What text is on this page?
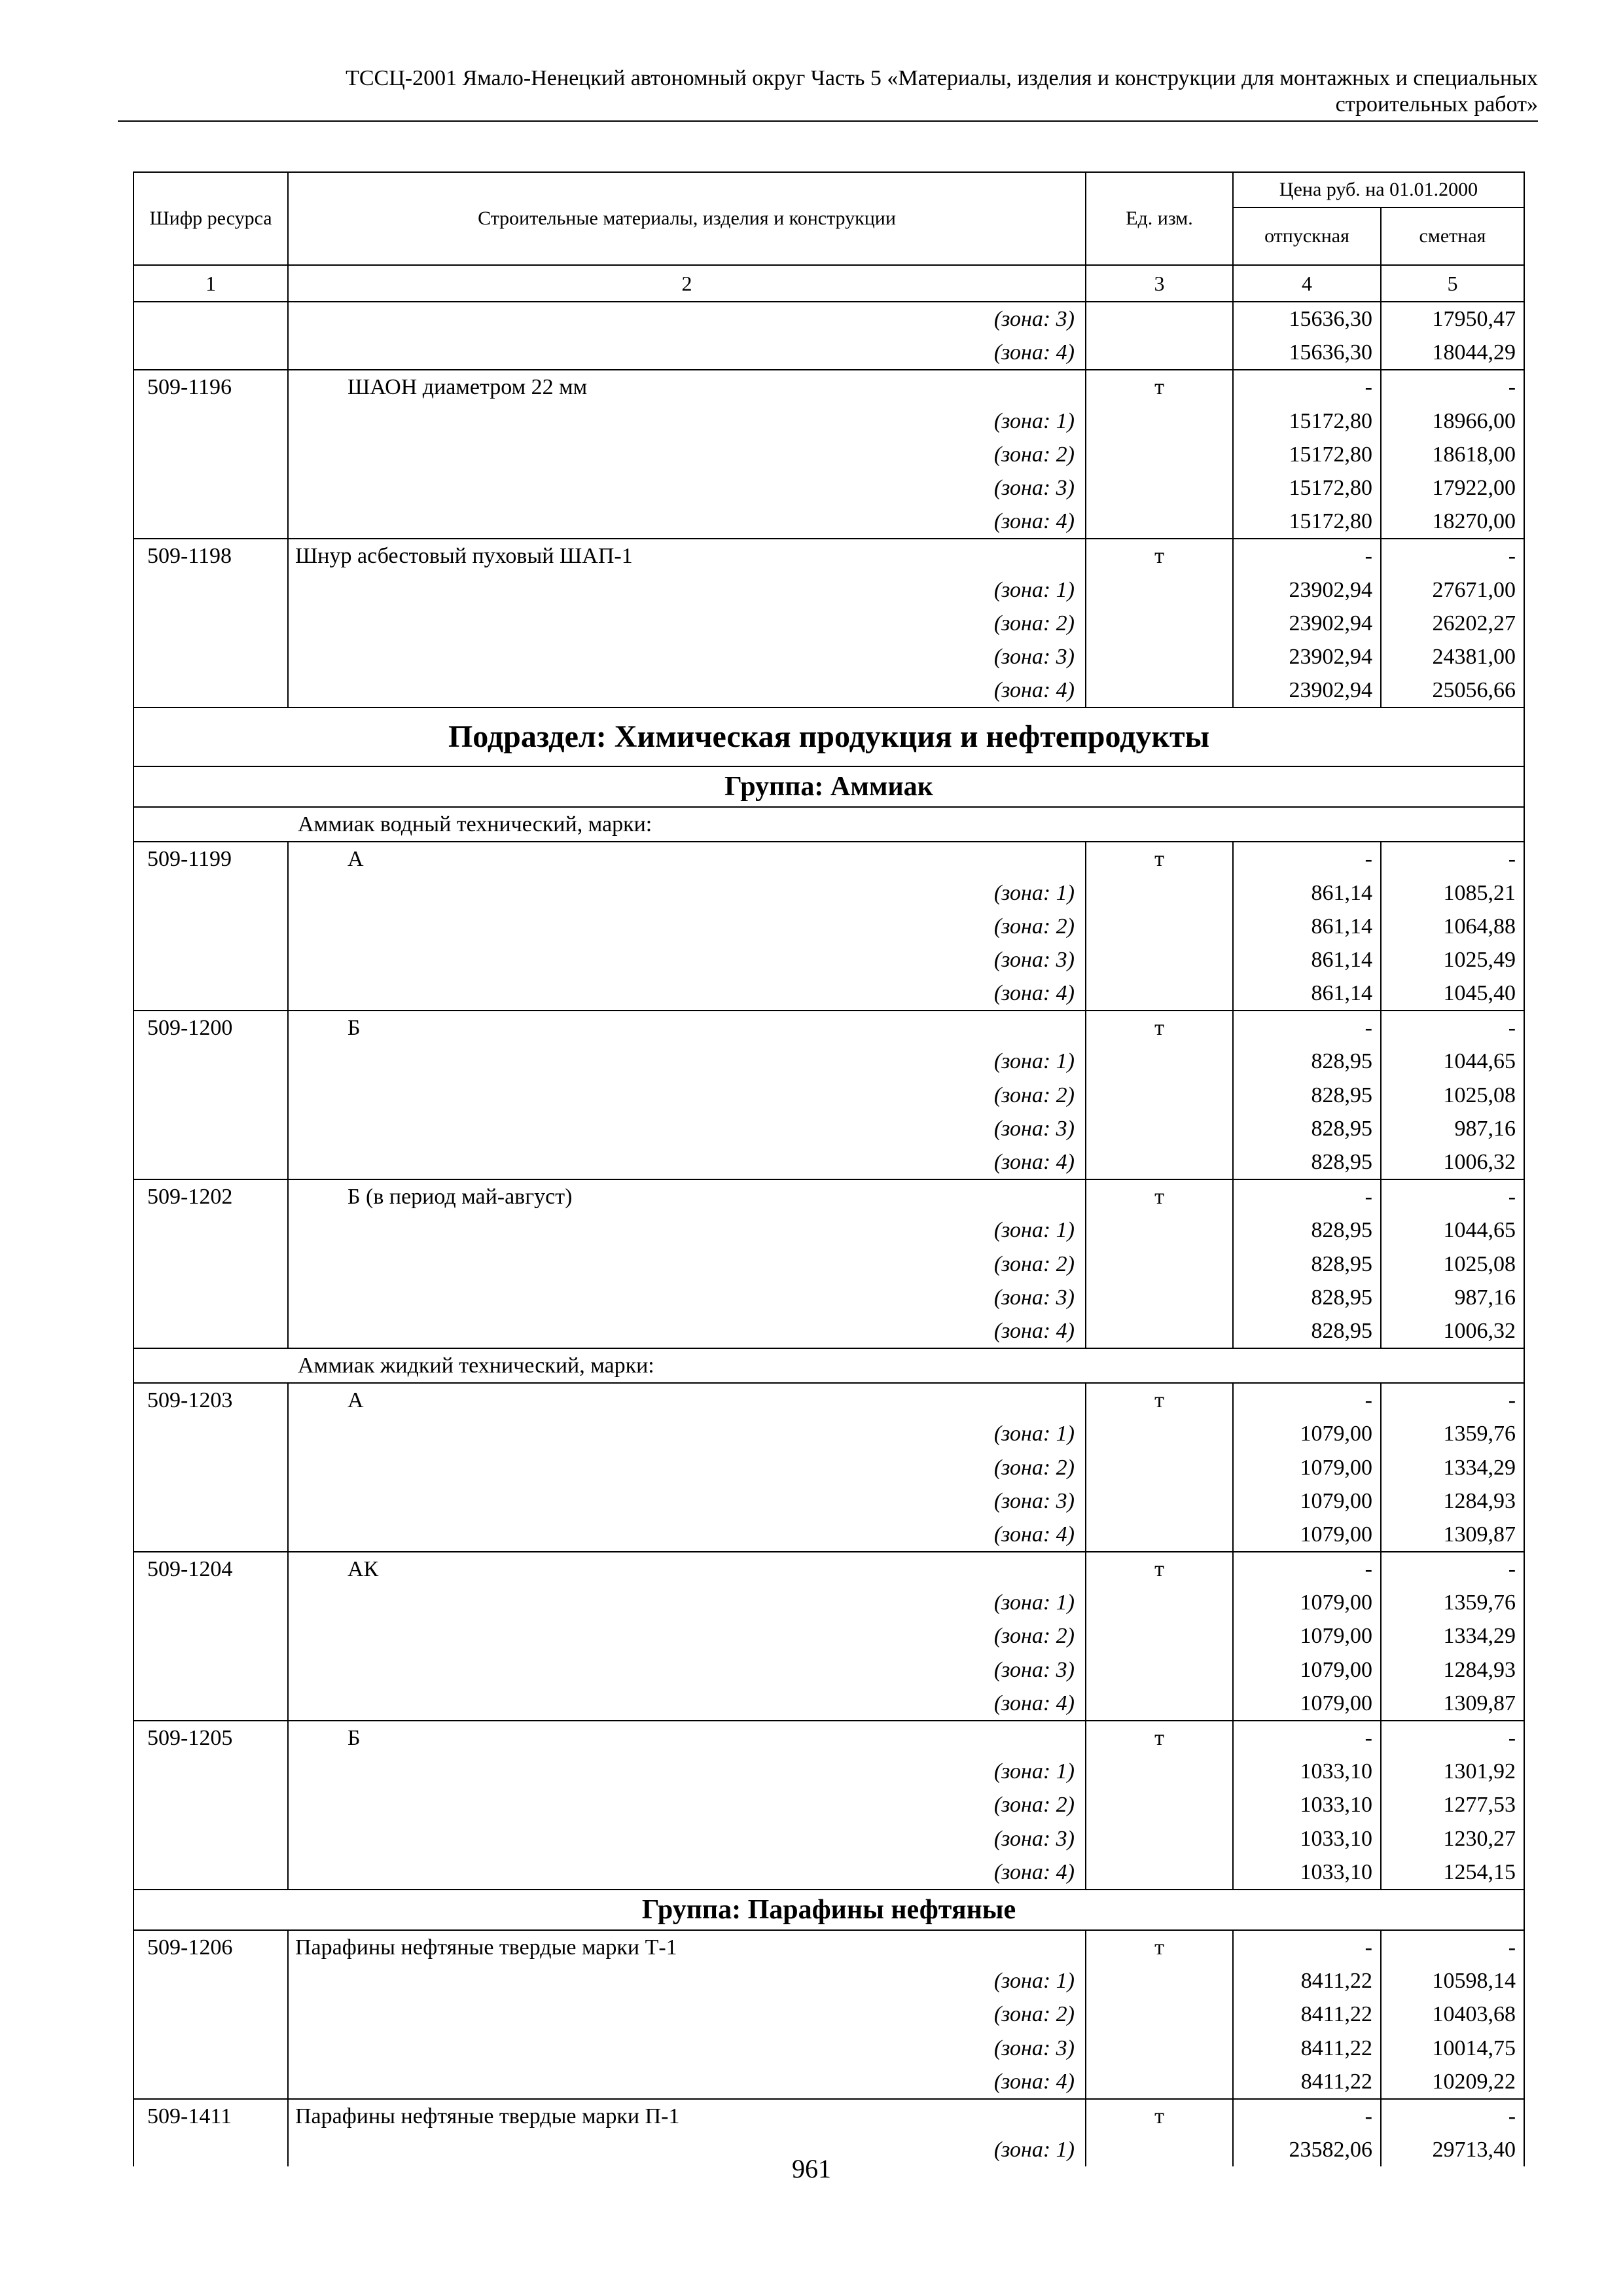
ТССЦ-2001 Ямало-Ненецкий автономный округ Часть 5 «Материалы, изделия и конструкции для монтажных и специальных
строительных работ»
Шифр ресурса	Строительные материалы, изделия и конструкции	Ед. изм.	Цена руб. на 01.01.2000	
			отпускная	сметная
1	2	3	4	5
	(зона: 3)		15636,30	17950,47
	(зона: 4)		15636,30	18044,29
509-1196	ШАОН диаметром 22 мм	т	-	-
	(зона: 1)		15172,80	18966,00
	(зона: 2)		15172,80	18618,00
	(зона: 3)		15172,80	17922,00
	(зона: 4)		15172,80	18270,00
509-1198	Шнур асбестовый пуховый ШАП-1	т	-	-
	(зона: 1)		23902,94	27671,00
	(зона: 2)		23902,94	26202,27
	(зона: 3)		23902,94	24381,00
	(зона: 4)		23902,94	25056,66
Подраздел: Химическая продукция и нефтепродукты				
Группа: Аммиак				
Аммиак водный технический, марки:				
509-1199	А	т	-	-
	(зона: 1)		861,14	1085,21
	(зона: 2)		861,14	1064,88
	(зона: 3)		861,14	1025,49
	(зона: 4)		861,14	1045,40
509-1200	Б	т	-	-
	(зона: 1)		828,95	1044,65
	(зона: 2)		828,95	1025,08
	(зона: 3)		828,95	987,16
	(зона: 4)		828,95	1006,32
509-1202	Б (в период май-август)	т	-	-
	(зона: 1)		828,95	1044,65
	(зона: 2)		828,95	1025,08
	(зона: 3)		828,95	987,16
	(зона: 4)		828,95	1006,32
Аммиак жидкий технический, марки:				
509-1203	А	т	-	-
	(зона: 1)		1079,00	1359,76
	(зона: 2)		1079,00	1334,29
	(зона: 3)		1079,00	1284,93
	(зона: 4)		1079,00	1309,87
509-1204	АК	т	-	-
	(зона: 1)		1079,00	1359,76
	(зона: 2)		1079,00	1334,29
	(зона: 3)		1079,00	1284,93
	(зона: 4)		1079,00	1309,87
509-1205	Б	т	-	-
	(зона: 1)		1033,10	1301,92
	(зона: 2)		1033,10	1277,53
	(зона: 3)		1033,10	1230,27
	(зона: 4)		1033,10	1254,15
Группа: Парафины нефтяные				
509-1206	Парафины нефтяные твердые марки Т-1	т	-	-
	(зона: 1)		8411,22	10598,14
	(зона: 2)		8411,22	10403,68
	(зона: 3)		8411,22	10014,75
	(зона: 4)		8411,22	10209,22
509-1411	Парафины нефтяные твердые марки П-1	т	-	-
	(зона: 1)		23582,06	29713,40
961
